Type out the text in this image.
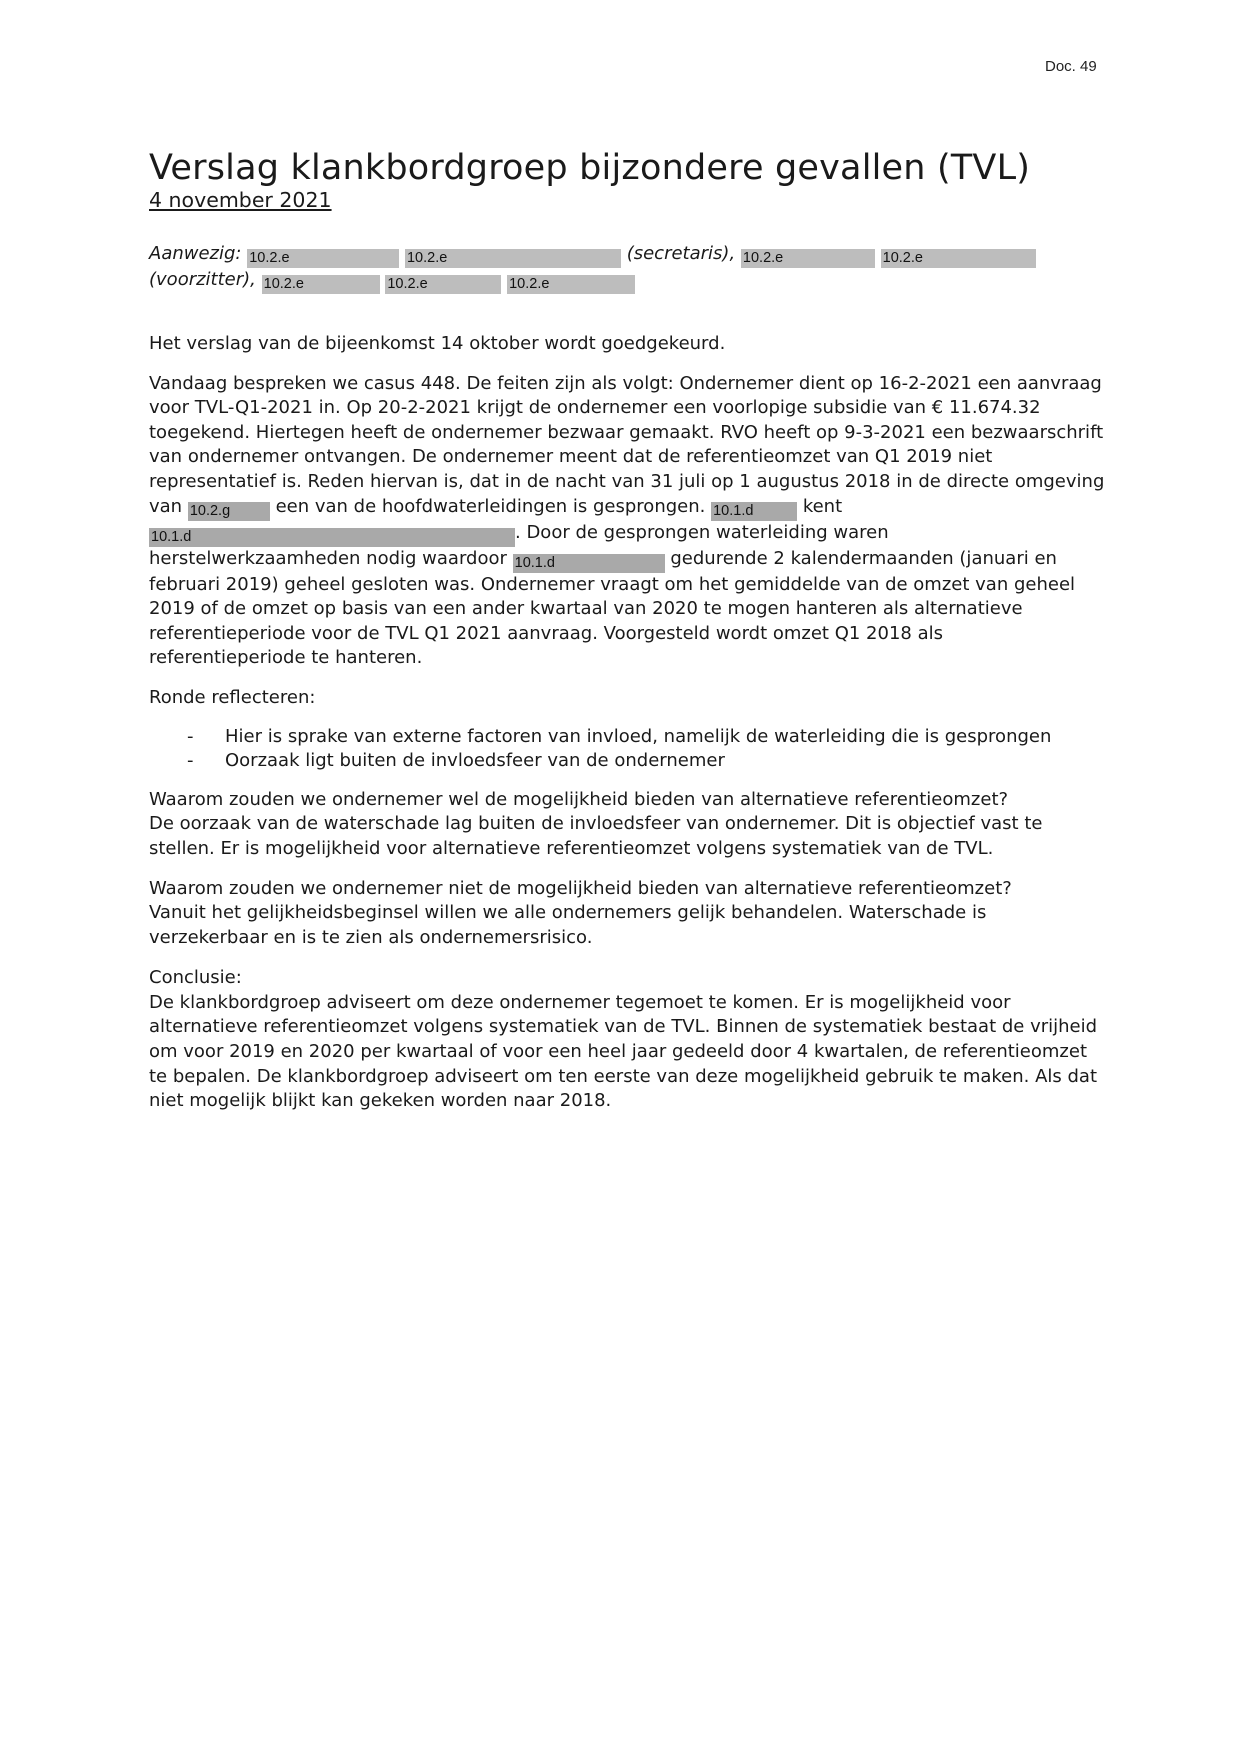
Doc. 49
Verslag klankbordgroep bijzondere gevallen (TVL)
4 november 2021
Aanwezig: 10.2.e	10.2.e	(secretaris), 10.2.e	10.2.e
(voorzitter), 10.2.e	10.2.e	10.2.e

Het verslag van de bijeenkomst 14 oktober wordt goedgekeurd.

Vandaag bespreken we casus 448. De feiten zijn als volgt: Ondernemer dient op 16-2-2021 een aanvraag voor TVL-Q1-2021 in. Op 20-2-2021 krijgt de ondernemer een voorlopige subsidie van € 11.674.32 toegekend. Hiertegen heeft de ondernemer bezwaar gemaakt. RVO heeft op 9-3-2021 een bezwaarschrift van ondernemer ontvangen. De ondernemer meent dat de referentieomzet van Q1 2019 niet representatief is. Reden hiervan is, dat in de nacht van 31 juli op 1 augustus 2018 in de directe omgeving van 10.2.g	een van de hoofdwaterleidingen is gesprongen. 10.1.d	kent 10.1.d	. Door de gesprongen waterleiding waren herstelwerkzaamheden nodig waardoor 10.1.d	gedurende 2 kalendermaanden (januari en februari 2019) geheel gesloten was. Ondernemer vraagt om het gemiddelde van de omzet van geheel 2019 of de omzet op basis van een ander kwartaal van 2020 te mogen hanteren als alternatieve referentieperiode voor de TVL Q1 2021 aanvraag. Voorgesteld wordt omzet Q1 2018 als referentieperiode te hanteren.

Ronde reflecteren:

- Hier is sprake van externe factoren van invloed, namelijk de waterleiding die is gesprongen
- Oorzaak ligt buiten de invloedsfeer van de ondernemer

Waarom zouden we ondernemer wel de mogelijkheid bieden van alternatieve referentieomzet?

De oorzaak van de waterschade lag buiten de invloedsfeer van ondernemer. Dit is objectief vast te stellen. Er is mogelijkheid voor alternatieve referentieomzet volgens systematiek van de TVL.

Waarom zouden we ondernemer niet de mogelijkheid bieden van alternatieve referentieomzet?

Vanuit het gelijkheidsbeginsel willen we alle ondernemers gelijk behandelen. Waterschade is verzekerbaar en is te zien als ondernemersrisico.

Conclusie:

De klankbordgroep adviseert om deze ondernemer tegemoet te komen. Er is mogelijkheid voor alternatieve referentieomzet volgens systematiek van de TVL. Binnen de systematiek bestaat de vrijheid om voor 2019 en 2020 per kwartaal of voor een heel jaar gedeeld door 4 kwartalen, de referentieomzet te bepalen. De klankbordgroep adviseert om ten eerste van deze mogelijkheid gebruik te maken. Als dat niet mogelijk blijkt kan gekeken worden naar 2018.
